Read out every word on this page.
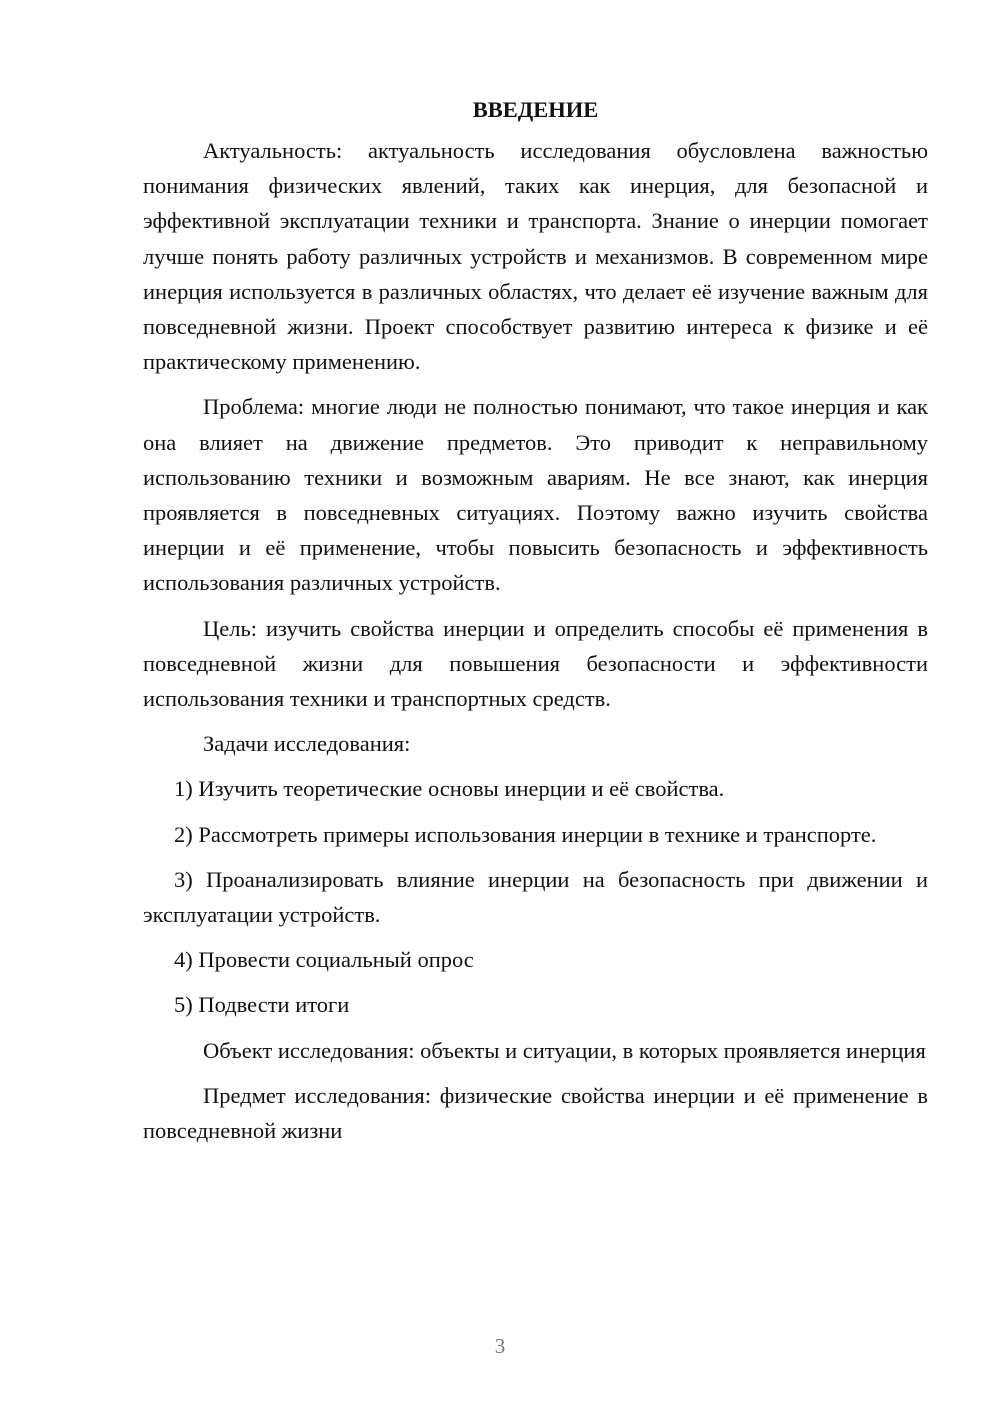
ВВЕДЕНИЕ

Актуальность: актуальность исследования обусловлена важностью понимания физических явлений, таких как инерция, для безопасной и эффективной эксплуатации техники и транспорта. Знание о инерции помогает лучше понять работу различных устройств и механизмов. В современном мире инерция используется в различных областях, что делает её изучение важным для повседневной жизни. Проект способствует развитию интереса к физике и её практическому применению.

Проблема: многие люди не полностью понимают, что такое инерция и как она влияет на движение предметов. Это приводит к неправильному использованию техники и возможным авариям. Не все знают, как инерция проявляется в повседневных ситуациях. Поэтому важно изучить свойства инерции и её применение, чтобы повысить безопасность и эффективность использования различных устройств.

Цель: изучить свойства инерции и определить способы её применения в повседневной жизни для повышения безопасности и эффективности использования техники и транспортных средств.

Задачи исследования:

1) Изучить теоретические основы инерции и её свойства.

2) Рассмотреть примеры использования инерции в технике и транспорте.

3) Проанализировать влияние инерции на безопасность при движении и эксплуатации устройств.

4) Провести социальный опрос

5) Подвести итоги

Объект исследования: объекты и ситуации, в которых проявляется инерция

Предмет исследования: физические свойства инерции и её применение в повседневной жизни

3
